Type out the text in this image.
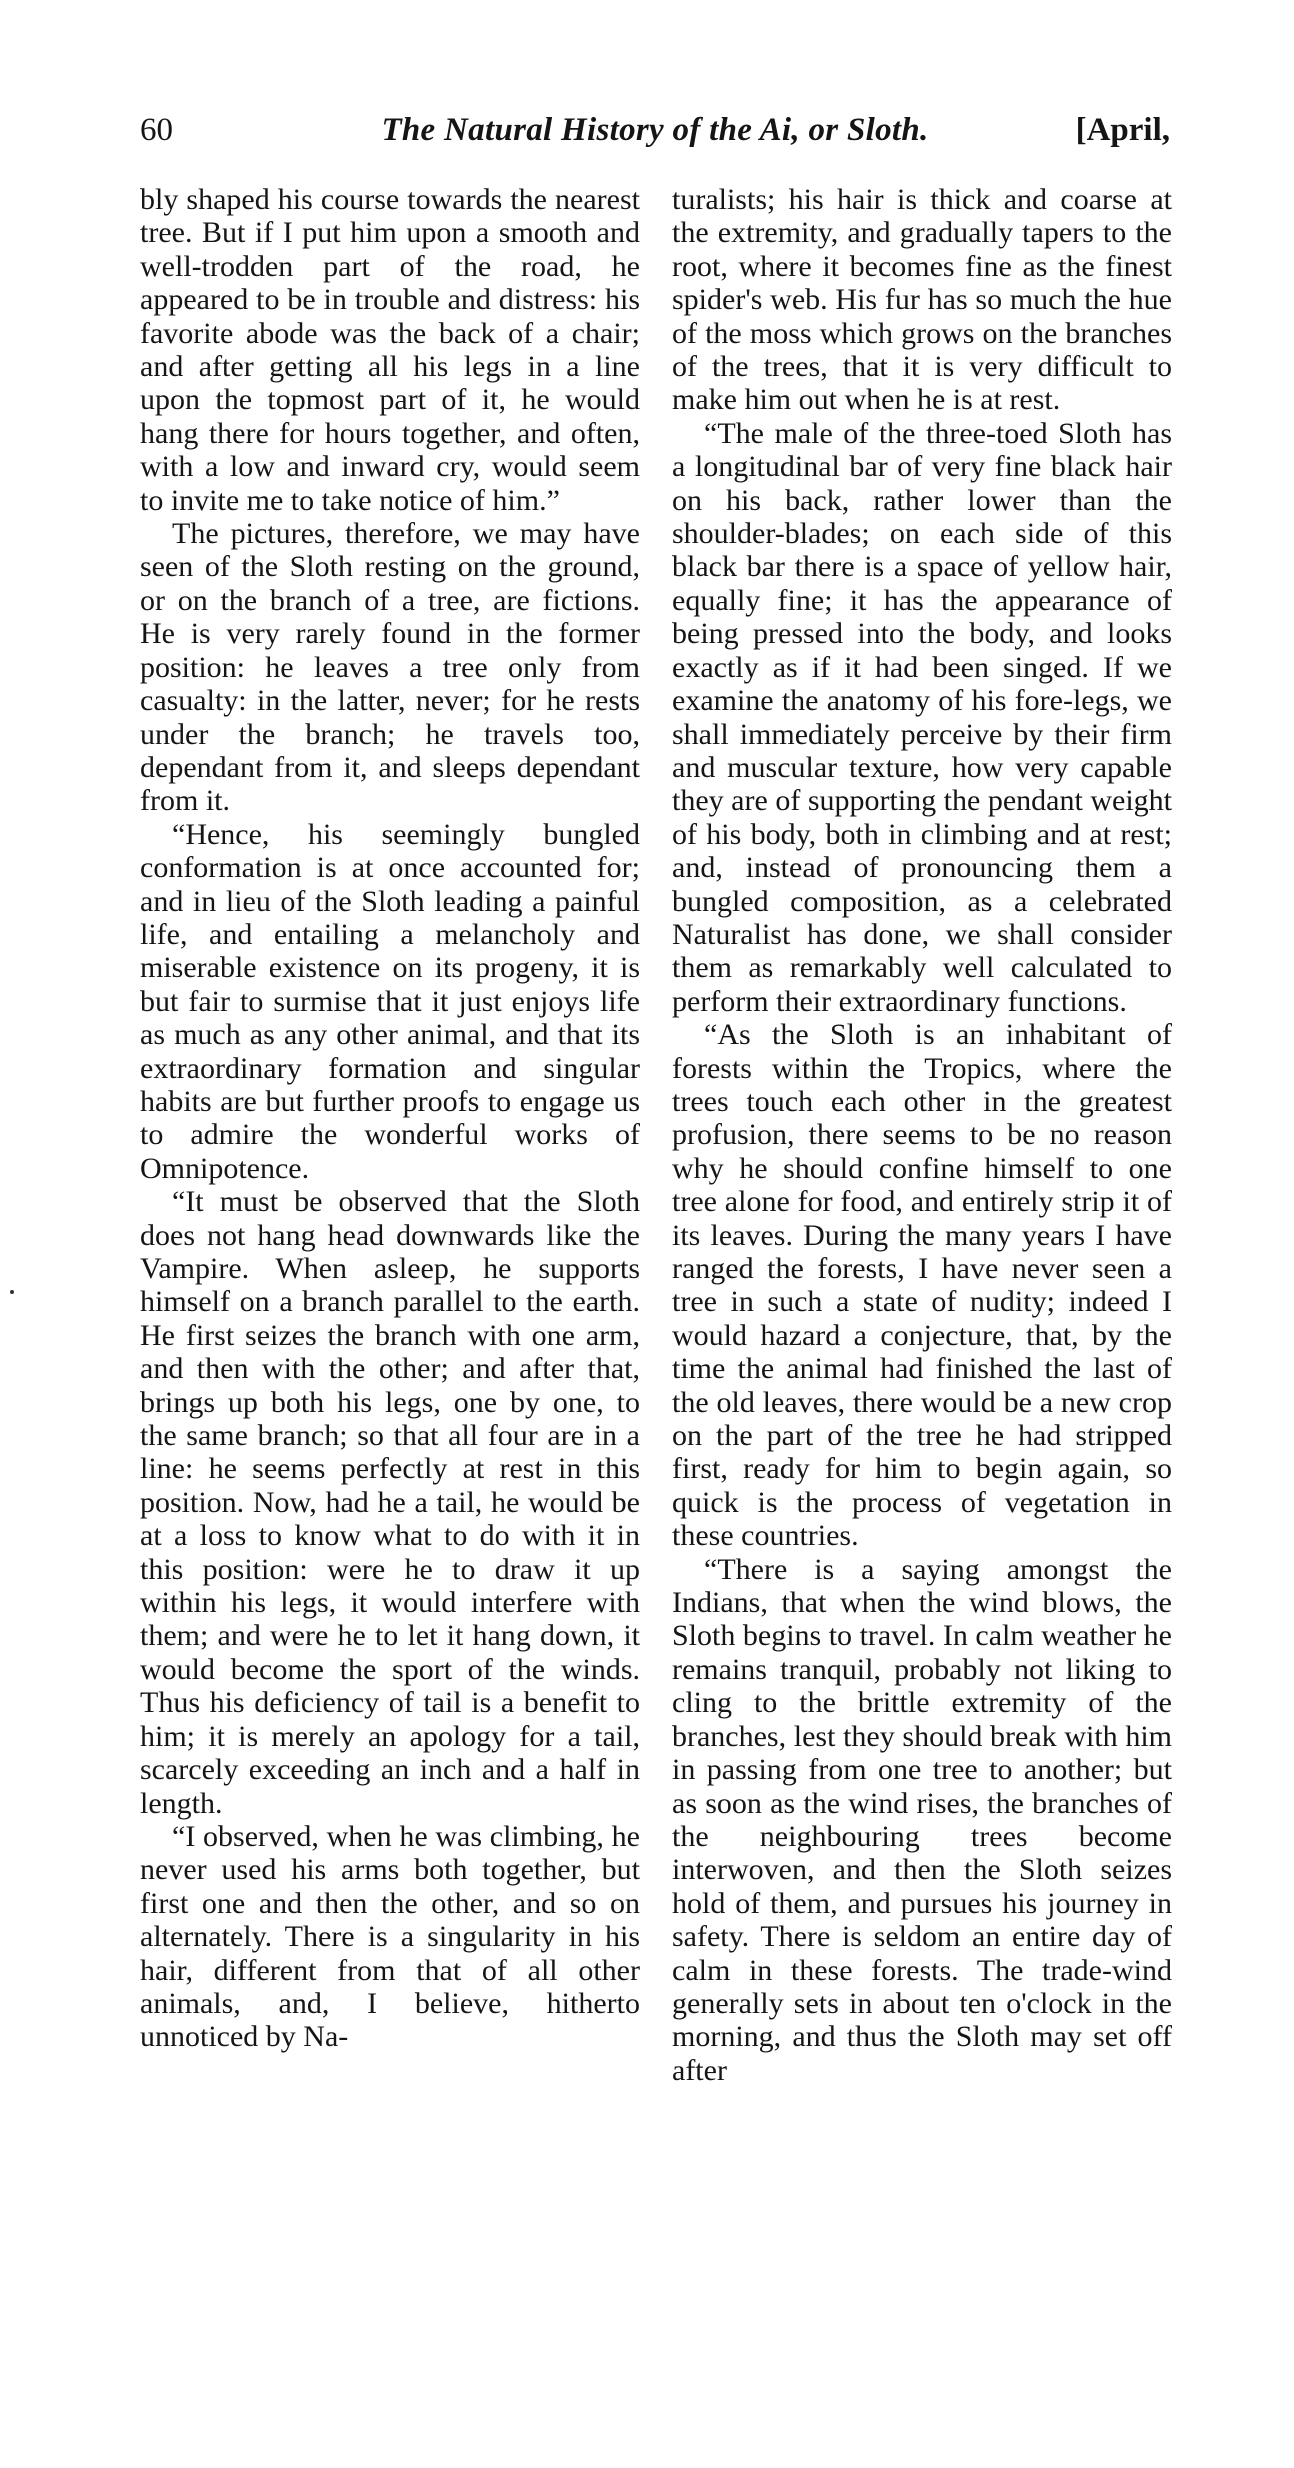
60	The Natural History of the Ai, or Sloth.	[April,

bly shaped his course towards the nearest tree. But if I put him upon a smooth and well-trodden part of the road, he appeared to be in trouble and distress: his favorite abode was the back of a chair; and after getting all his legs in a line upon the topmost part of it, he would hang there for hours together, and often, with a low and inward cry, would seem to invite me to take notice of him.”

The pictures, therefore, we may have seen of the Sloth resting on the ground, or on the branch of a tree, are fictions. He is very rarely found in the former position: he leaves a tree only from casualty: in the latter, never; for he rests under the branch; he travels too, dependant from it, and sleeps dependant from it.

“Hence, his seemingly bungled conformation is at once accounted for; and in lieu of the Sloth leading a painful life, and entailing a melancholy and miserable existence on its progeny, it is but fair to surmise that it just enjoys life as much as any other animal, and that its extraordinary formation and singular habits are but further proofs to engage us to admire the wonderful works of Omnipotence.

“It must be observed that the Sloth does not hang head downwards like the Vampire. When asleep, he supports himself on a branch parallel to the earth. He first seizes the branch with one arm, and then with the other; and after that, brings up both his legs, one by one, to the same branch; so that all four are in a line: he seems perfectly at rest in this position. Now, had he a tail, he would be at a loss to know what to do with it in this position: were he to draw it up within his legs, it would interfere with them; and were he to let it hang down, it would become the sport of the winds. Thus his deficiency of tail is a benefit to him; it is merely an apology for a tail, scarcely exceeding an inch and a half in length.

“I observed, when he was climbing, he never used his arms both together, but first one and then the other, and so on alternately. There is a singularity in his hair, different from that of all other animals, and, I believe, hitherto unnoticed by Na-

turalists; his hair is thick and coarse at the extremity, and gradually tapers to the root, where it becomes fine as the finest spider's web. His fur has so much the hue of the moss which grows on the branches of the trees, that it is very difficult to make him out when he is at rest.

“The male of the three-toed Sloth has a longitudinal bar of very fine black hair on his back, rather lower than the shoulder-blades; on each side of this black bar there is a space of yellow hair, equally fine; it has the appearance of being pressed into the body, and looks exactly as if it had been singed. If we examine the anatomy of his fore-legs, we shall immediately perceive by their firm and muscular texture, how very capable they are of supporting the pendant weight of his body, both in climbing and at rest; and, instead of pronouncing them a bungled composition, as a celebrated Naturalist has done, we shall consider them as remarkably well calculated to perform their extraordinary functions.

“As the Sloth is an inhabitant of forests within the Tropics, where the trees touch each other in the greatest profusion, there seems to be no reason why he should confine himself to one tree alone for food, and entirely strip it of its leaves. During the many years I have ranged the forests, I have never seen a tree in such a state of nudity; indeed I would hazard a conjecture, that, by the time the animal had finished the last of the old leaves, there would be a new crop on the part of the tree he had stripped first, ready for him to begin again, so quick is the process of vegetation in these countries.

“There is a saying amongst the Indians, that when the wind blows, the Sloth begins to travel. In calm weather he remains tranquil, probably not liking to cling to the brittle extremity of the branches, lest they should break with him in passing from one tree to another; but as soon as the wind rises, the branches of the neighbouring trees become interwoven, and then the Sloth seizes hold of them, and pursues his journey in safety. There is seldom an entire day of calm in these forests. The trade-wind generally sets in about ten o'clock in the morning, and thus the Sloth may set off after
